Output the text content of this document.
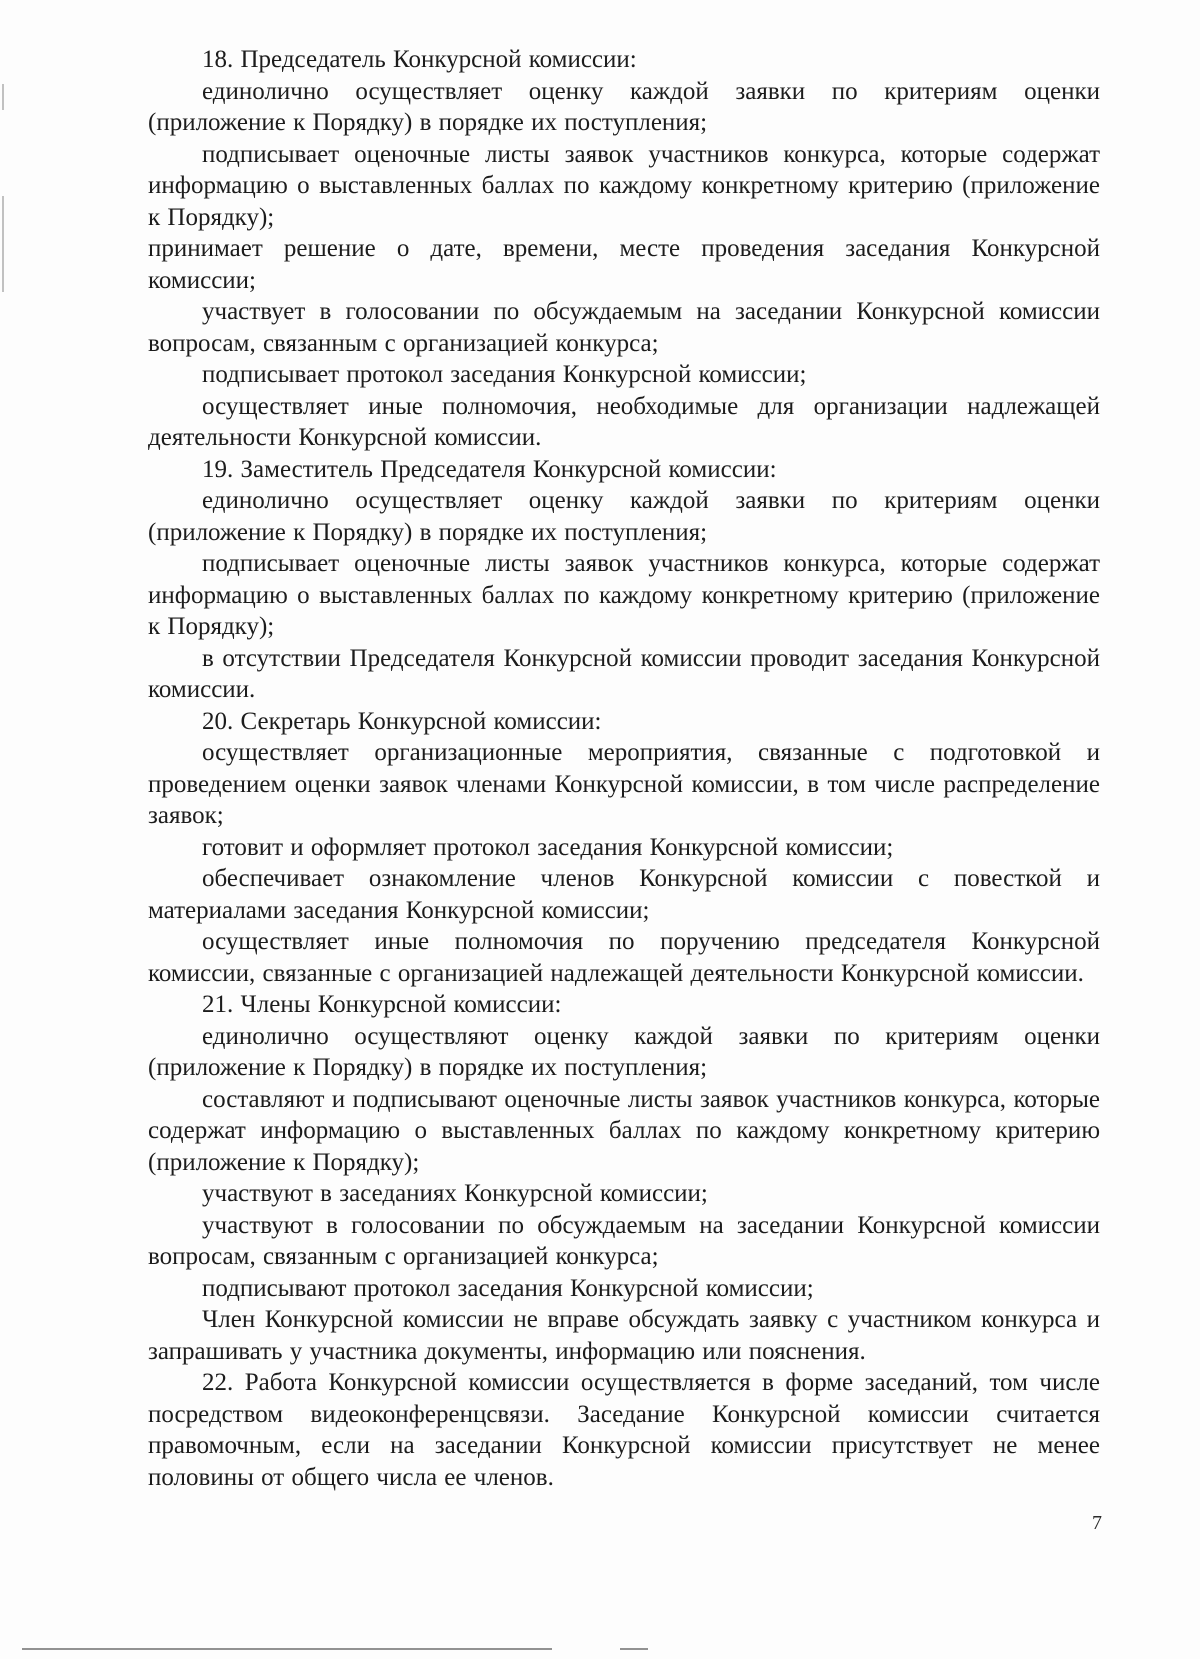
18. Председатель Конкурсной комиссии:

единолично осуществляет оценку каждой заявки по критериям оценки (приложение к Порядку) в порядке их поступления;

подписывает оценочные листы заявок участников конкурса, которые содержат информацию о выставленных баллах по каждому конкретному критерию (приложение к Порядку);

принимает решение о дате, времени, месте проведения заседания Конкурсной комиссии;

участвует в голосовании по обсуждаемым на заседании Конкурсной комиссии вопросам, связанным с организацией конкурса;

подписывает протокол заседания Конкурсной комиссии;

осуществляет иные полномочия, необходимые для организации надлежащей деятельности Конкурсной комиссии.

19. Заместитель Председателя Конкурсной комиссии:

единолично осуществляет оценку каждой заявки по критериям оценки (приложение к Порядку) в порядке их поступления;

подписывает оценочные листы заявок участников конкурса, которые содержат информацию о выставленных баллах по каждому конкретному критерию (приложение к Порядку);

в отсутствии Председателя Конкурсной комиссии проводит заседания Конкурсной комиссии.

20. Секретарь Конкурсной комиссии:

осуществляет организационные мероприятия, связанные с подготовкой и проведением оценки заявок членами Конкурсной комиссии, в том числе распределение заявок;

готовит и оформляет протокол заседания Конкурсной комиссии;

обеспечивает ознакомление членов Конкурсной комиссии с повесткой и материалами заседания Конкурсной комиссии;

осуществляет иные полномочия по поручению председателя Конкурсной комиссии, связанные с организацией надлежащей деятельности Конкурсной комиссии.

21. Члены Конкурсной комиссии:

единолично осуществляют оценку каждой заявки по критериям оценки (приложение к Порядку) в порядке их поступления;

составляют и подписывают оценочные листы заявок участников конкурса, которые содержат информацию о выставленных баллах по каждому конкретному критерию (приложение к Порядку);

участвуют в заседаниях Конкурсной комиссии;

участвуют в голосовании по обсуждаемым на заседании Конкурсной комиссии вопросам, связанным с организацией конкурса;

подписывают протокол заседания Конкурсной комиссии;

Член Конкурсной комиссии не вправе обсуждать заявку с участником конкурса и запрашивать у участника документы, информацию или пояснения.

22. Работа Конкурсной комиссии осуществляется в форме заседаний, том числе посредством видеоконференцсвязи. Заседание Конкурсной комиссии считается правомочным, если на заседании Конкурсной комиссии присутствует не менее половины от общего числа ее членов.

7
